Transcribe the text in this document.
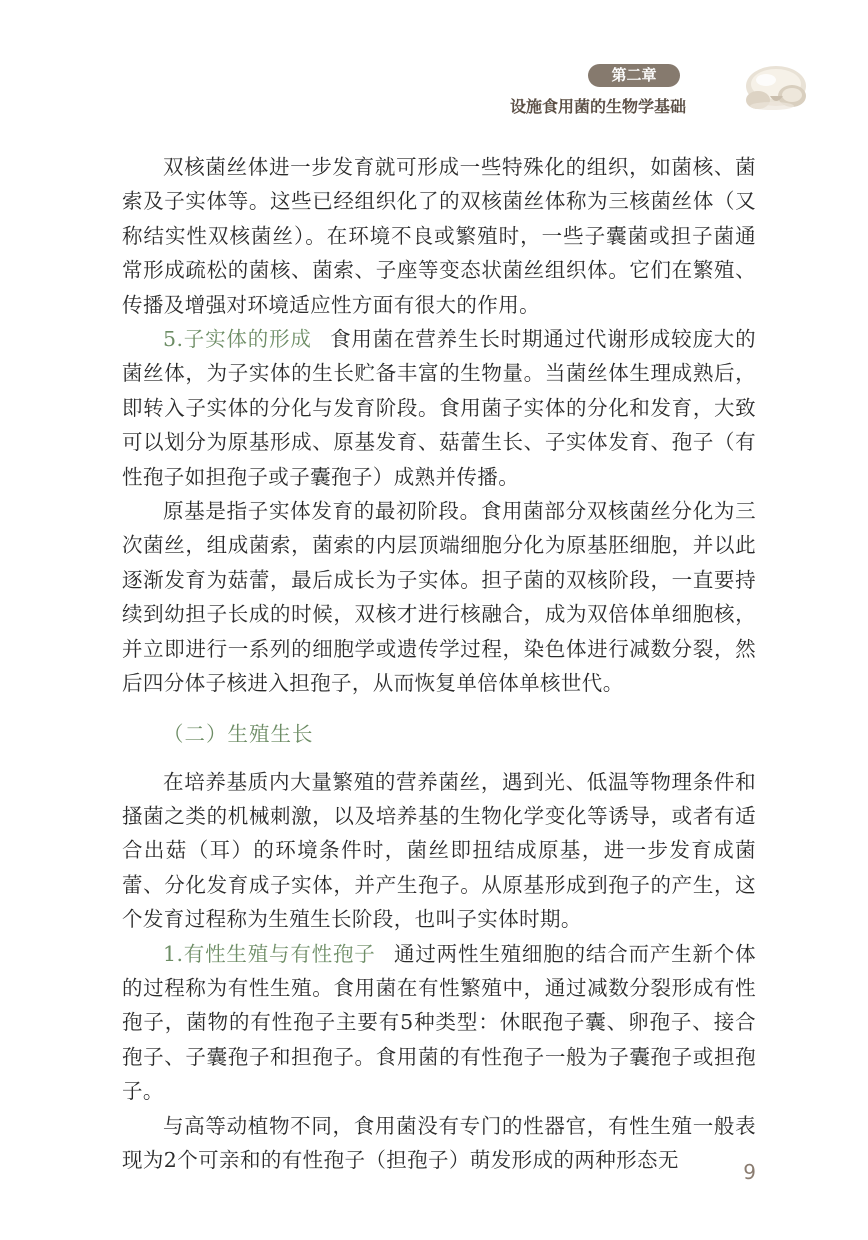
第二章
设施食用菌的生物学基础

双核菌丝体进一步发育就可形成一些特殊化的组织，如菌核、菌索及子实体等。这些已经组织化了的双核菌丝体称为三核菌丝体（又称结实性双核菌丝）。在环境不良或繁殖时，一些子囊菌或担子菌通常形成疏松的菌核、菌索、子座等变态状菌丝组织体。它们在繁殖、传播及增强对环境适应性方面有很大的作用。

5.子实体的形成 食用菌在营养生长时期通过代谢形成较庞大的菌丝体，为子实体的生长贮备丰富的生物量。当菌丝体生理成熟后，即转入子实体的分化与发育阶段。食用菌子实体的分化和发育，大致可以划分为原基形成、原基发育、菇蕾生长、子实体发育、孢子（有性孢子如担孢子或子囊孢子）成熟并传播。

原基是指子实体发育的最初阶段。食用菌部分双核菌丝分化为三次菌丝，组成菌索，菌索的内层顶端细胞分化为原基胚细胞，并以此逐渐发育为菇蕾，最后成长为子实体。担子菌的双核阶段，一直要持续到幼担子长成的时候，双核才进行核融合，成为双倍体单细胞核，并立即进行一系列的细胞学或遗传学过程，染色体进行减数分裂，然后四分体子核进入担孢子，从而恢复单倍体单核世代。

（二）生殖生长

在培养基质内大量繁殖的营养菌丝，遇到光、低温等物理条件和搔菌之类的机械刺激，以及培养基的生物化学变化等诱导，或者有适合出菇（耳）的环境条件时，菌丝即扭结成原基，进一步发育成菌蕾、分化发育成子实体，并产生孢子。从原基形成到孢子的产生，这个发育过程称为生殖生长阶段，也叫子实体时期。

1.有性生殖与有性孢子 通过两性生殖细胞的结合而产生新个体的过程称为有性生殖。食用菌在有性繁殖中，通过减数分裂形成有性孢子，菌物的有性孢子主要有5种类型：休眠孢子囊、卵孢子、接合孢子、子囊孢子和担孢子。食用菌的有性孢子一般为子囊孢子或担孢子。

与高等动植物不同，食用菌没有专门的性器官，有性生殖一般表现为2个可亲和的有性孢子（担孢子）萌发形成的两种形态无

9
